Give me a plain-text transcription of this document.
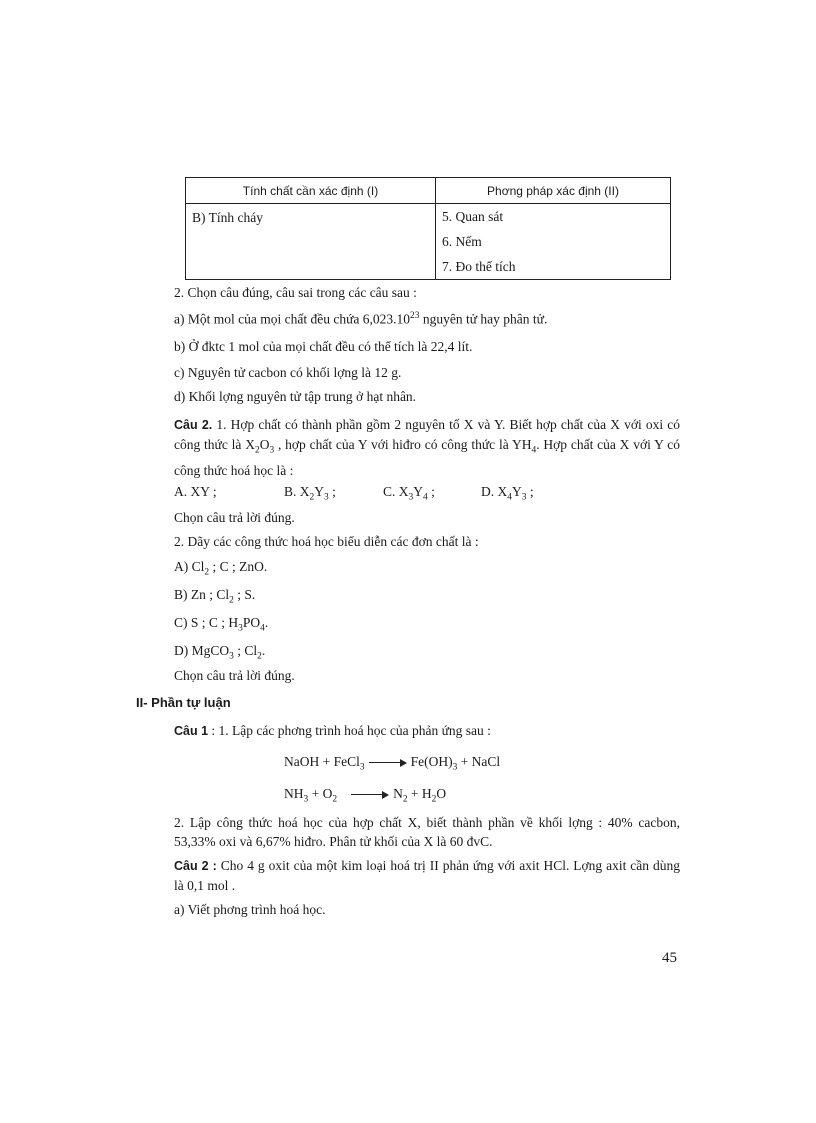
Tính chất cần xác định (I)	Phơng pháp xác định (II)
B) Tính cháy	5. Quan sát
6. Nếm
7. Đo thể tích
2. Chọn câu đúng, câu sai trong các câu sau :
a) Một mol của mọi chất đều chứa 6,023.10$^{23}$ nguyên tử hay phân tử.
b) Ở đktc 1 mol của mọi chất đều có thể tích là 22,4 lít.
c) Nguyên tử cacbon có khối lợng là 12 g.
d) Khối lợng nguyên tử tập trung ở hạt nhân.
Câu 2. 1. Hợp chất có thành phần gồm 2 nguyên tố X và Y. Biết hợp chất của X với oxi có công thức là $X_2O_3$ , hợp chất của Y với hiđro có công thức là $YH_4$. Hợp chất của X với Y có công thức hoá học là :
A. XY ;	B. $X_2Y_3$ ;	C. $X_3Y_4$ ;	D. $X_4Y_3$ ;
Chọn câu trả lời đúng.
2. Dãy các công thức hoá học biểu diễn các đơn chất là :
A) $Cl_2$ ; C ; ZnO.
B) Zn ; $Cl_2$ ; S.
C) S ; C ; $H_3PO_4$.
D) MgCO$_3$ ; $Cl_2$.
Chọn câu trả lời đúng.
II- Phần tự luận
Câu 1 : 1. Lập các phơng trình hoá học của phản ứng sau :
NaOH + FeCl$_3$	$Fe(OH)_3$ + NaCl
$NH_3 + O_2$	$N_2 + H_2O$
2. Lập công thức hoá học của hợp chất X, biết thành phần về khối lợng : 40% cacbon, 53,33% oxi và 6,67% hiđro. Phân tử khối của X là 60 đvC.
Câu 2 : Cho 4 g oxit của một kim loại hoá trị II phản ứng với axit HCl. Lợng axit cần dùng là 0,1 mol .
a) Viết phơng trình hoá học.
45
